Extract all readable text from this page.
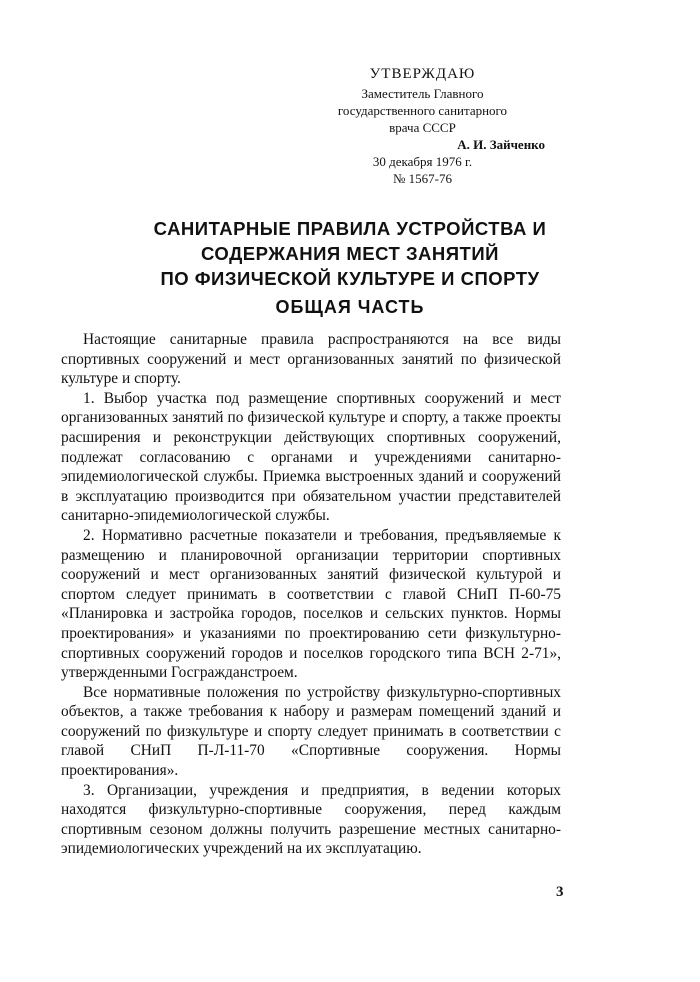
УТВЕРЖДАЮ
Заместитель Главного
государственного санитарного
врача СССР
А. И. Зайченко
30 декабря 1976 г.
№ 1567-76
САНИТАРНЫЕ ПРАВИЛА УСТРОЙСТВА И
СОДЕРЖАНИЯ МЕСТ ЗАНЯТИЙ
ПО ФИЗИЧЕСКОЙ КУЛЬТУРЕ И СПОРТУ
ОБЩАЯ ЧАСТЬ

Настоящие санитарные правила распространяются на все виды спортивных сооружений и мест организованных занятий по физической культуре и спорту.

1. Выбор участка под размещение спортивных сооружений и мест организованных занятий по физической культуре и спорту, а также проекты расширения и реконструкции действующих спортивных сооружений, подлежат согласованию с органами и учреждениями санитарно-эпидемиологической службы. Приемка выстроенных зданий и сооружений в эксплуатацию производится при обязательном участии представителей санитарно-эпидемиологической службы.

2. Нормативно расчетные показатели и требования, предъявляемые к размещению и планировочной организации территории спортивных сооружений и мест организованных занятий физической культурой и спортом следует принимать в соответствии с главой СНиП П-60-75 «Планировка и застройка городов, поселков и сельских пунктов. Нормы проектирования» и указаниями по проектированию сети физкультурно-спортивных сооружений городов и поселков городского типа ВСН 2-71», утвержденными Госгражданстроем.

Все нормативные положения по устройству физкультурно-спортивных объектов, а также требования к набору и размерам помещений зданий и сооружений по физкультуре и спорту следует принимать в соответствии с главой СНиП П-Л-11-70 «Спортивные сооружения. Нормы проектирования».

3. Организации, учреждения и предприятия, в ведении которых находятся физкультурно-спортивные сооружения, перед каждым спортивным сезоном должны получить разрешение местных санитарно-эпидемиологических учреждений на их эксплуатацию.

3
